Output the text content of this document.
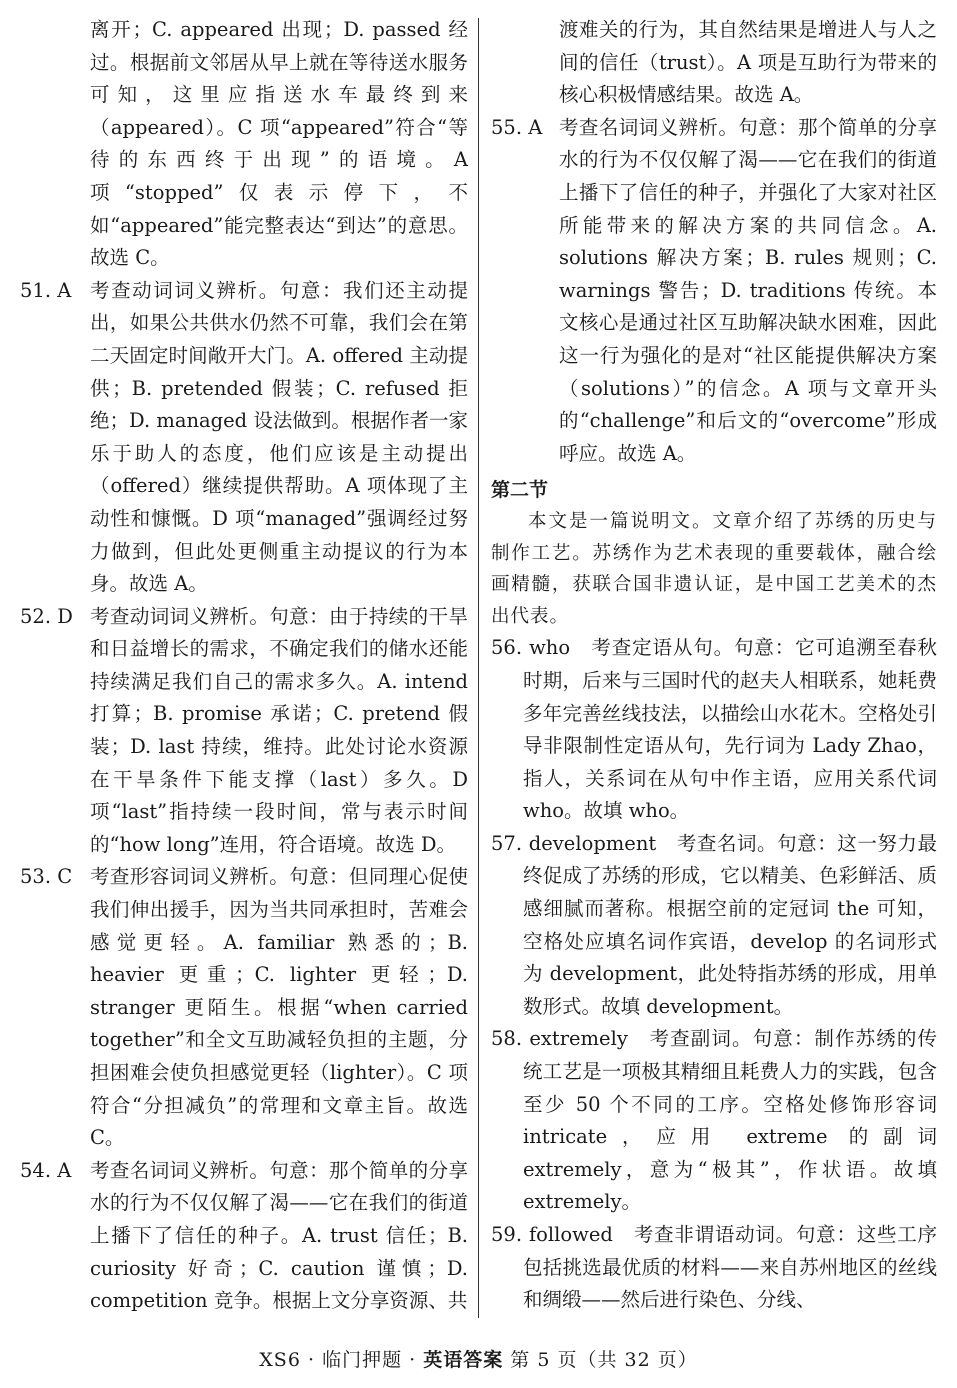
离开；C. appeared 出现；D. passed 经过。根据前文邻居从早上就在等待送水服务可知，这里应指送水车最终到来（appeared）。C 项“appeared”符合“等待的东西终于出现”的语境。A 项“stopped”仅表示停下，不如“appeared”能完整表达“到达”的意思。故选 C。
51. A 考查动词词义辨析。句意：我们还主动提出，如果公共供水仍然不可靠，我们会在第二天固定时间敞开大门。A. offered 主动提供；B. pretended 假装；C. refused 拒绝；D. managed 设法做到。根据作者一家乐于助人的态度，他们应该是主动提出（offered）继续提供帮助。A 项体现了主动性和慷慨。D 项“managed”强调经过努力做到，但此处更侧重主动提议的行为本身。故选 A。
52. D 考查动词词义辨析。句意：由于持续的干旱和日益增长的需求，不确定我们的储水还能持续满足我们自己的需求多久。A. intend 打算；B. promise 承诺；C. pretend 假装；D. last 持续，维持。此处讨论水资源在干旱条件下能支撑（last）多久。D 项“last”指持续一段时间，常与表示时间的“how long”连用，符合语境。故选 D。
53. C 考查形容词词义辨析。句意：但同理心促使我们伸出援手，因为当共同承担时，苦难会感觉更轻。A. familiar 熟悉的；B. heavier 更重；C. lighter 更轻；D. stranger 更陌生。根据“when carried together”和全文互助减轻负担的主题，分担困难会使负担感觉更轻（lighter）。C 项符合“分担减负”的常理和文章主旨。故选 C。
54. A 考查名词词义辨析。句意：那个简单的分享水的行为不仅仅解了渴——它在我们的街道上播下了信任的种子。A. trust 信任；B. curiosity 好奇；C. caution 谨慎；D. competition 竞争。根据上文分享资源、共
渡难关的行为，其自然结果是增进人与人之间的信任（trust）。A 项是互助行为带来的核心积极情感结果。故选 A。
55. A 考查名词词义辨析。句意：那个简单的分享水的行为不仅仅解了渴——它在我们的街道上播下了信任的种子，并强化了大家对社区所能带来的解决方案的共同信念。A. solutions 解决方案；B. rules 规则；C. warnings 警告；D. traditions 传统。本文核心是通过社区互助解决缺水困难，因此这一行为强化的是对“社区能提供解决方案（solutions）”的信念。A 项与文章开头的“challenge”和后文的“overcome”形成呼应。故选 A。
第二节
本文是一篇说明文。文章介绍了苏绣的历史与制作工艺。苏绣作为艺术表现的重要载体，融合绘画精髓，获联合国非遗认证，是中国工艺美术的杰出代表。
56. who　 考查定语从句。句意：它可追溯至春秋时期，后来与三国时代的赵夫人相联系，她耗费多年完善丝线技法，以描绘山水花木。空格处引导非限制性定语从句，先行词为 Lady Zhao，指人，关系词在从句中作主语，应用关系代词 who。故填 who。
57. development　 考查名词。句意：这一努力最终促成了苏绣的形成，它以精美、色彩鲜活、质感细腻而著称。根据空前的定冠词 the 可知，空格处应填名词作宾语，develop 的名词形式为 development，此处特指苏绣的形成，用单数形式。故填 development。
58. extremely　 考查副词。句意：制作苏绣的传统工艺是一项极其精细且耗费人力的实践，包含至少 50 个不同的工序。空格处修饰形容词 intricate，应用 extreme 的副词 extremely，意为“极其”，作状语。故填 extremely。
59. followed　 考查非谓语动词。句意：这些工序包括挑选最优质的材料——来自苏州地区的丝线和绸缎——然后进行染色、分线、
XS6 · 临门押题 · 英语答案 第 5 页（共 32 页）
